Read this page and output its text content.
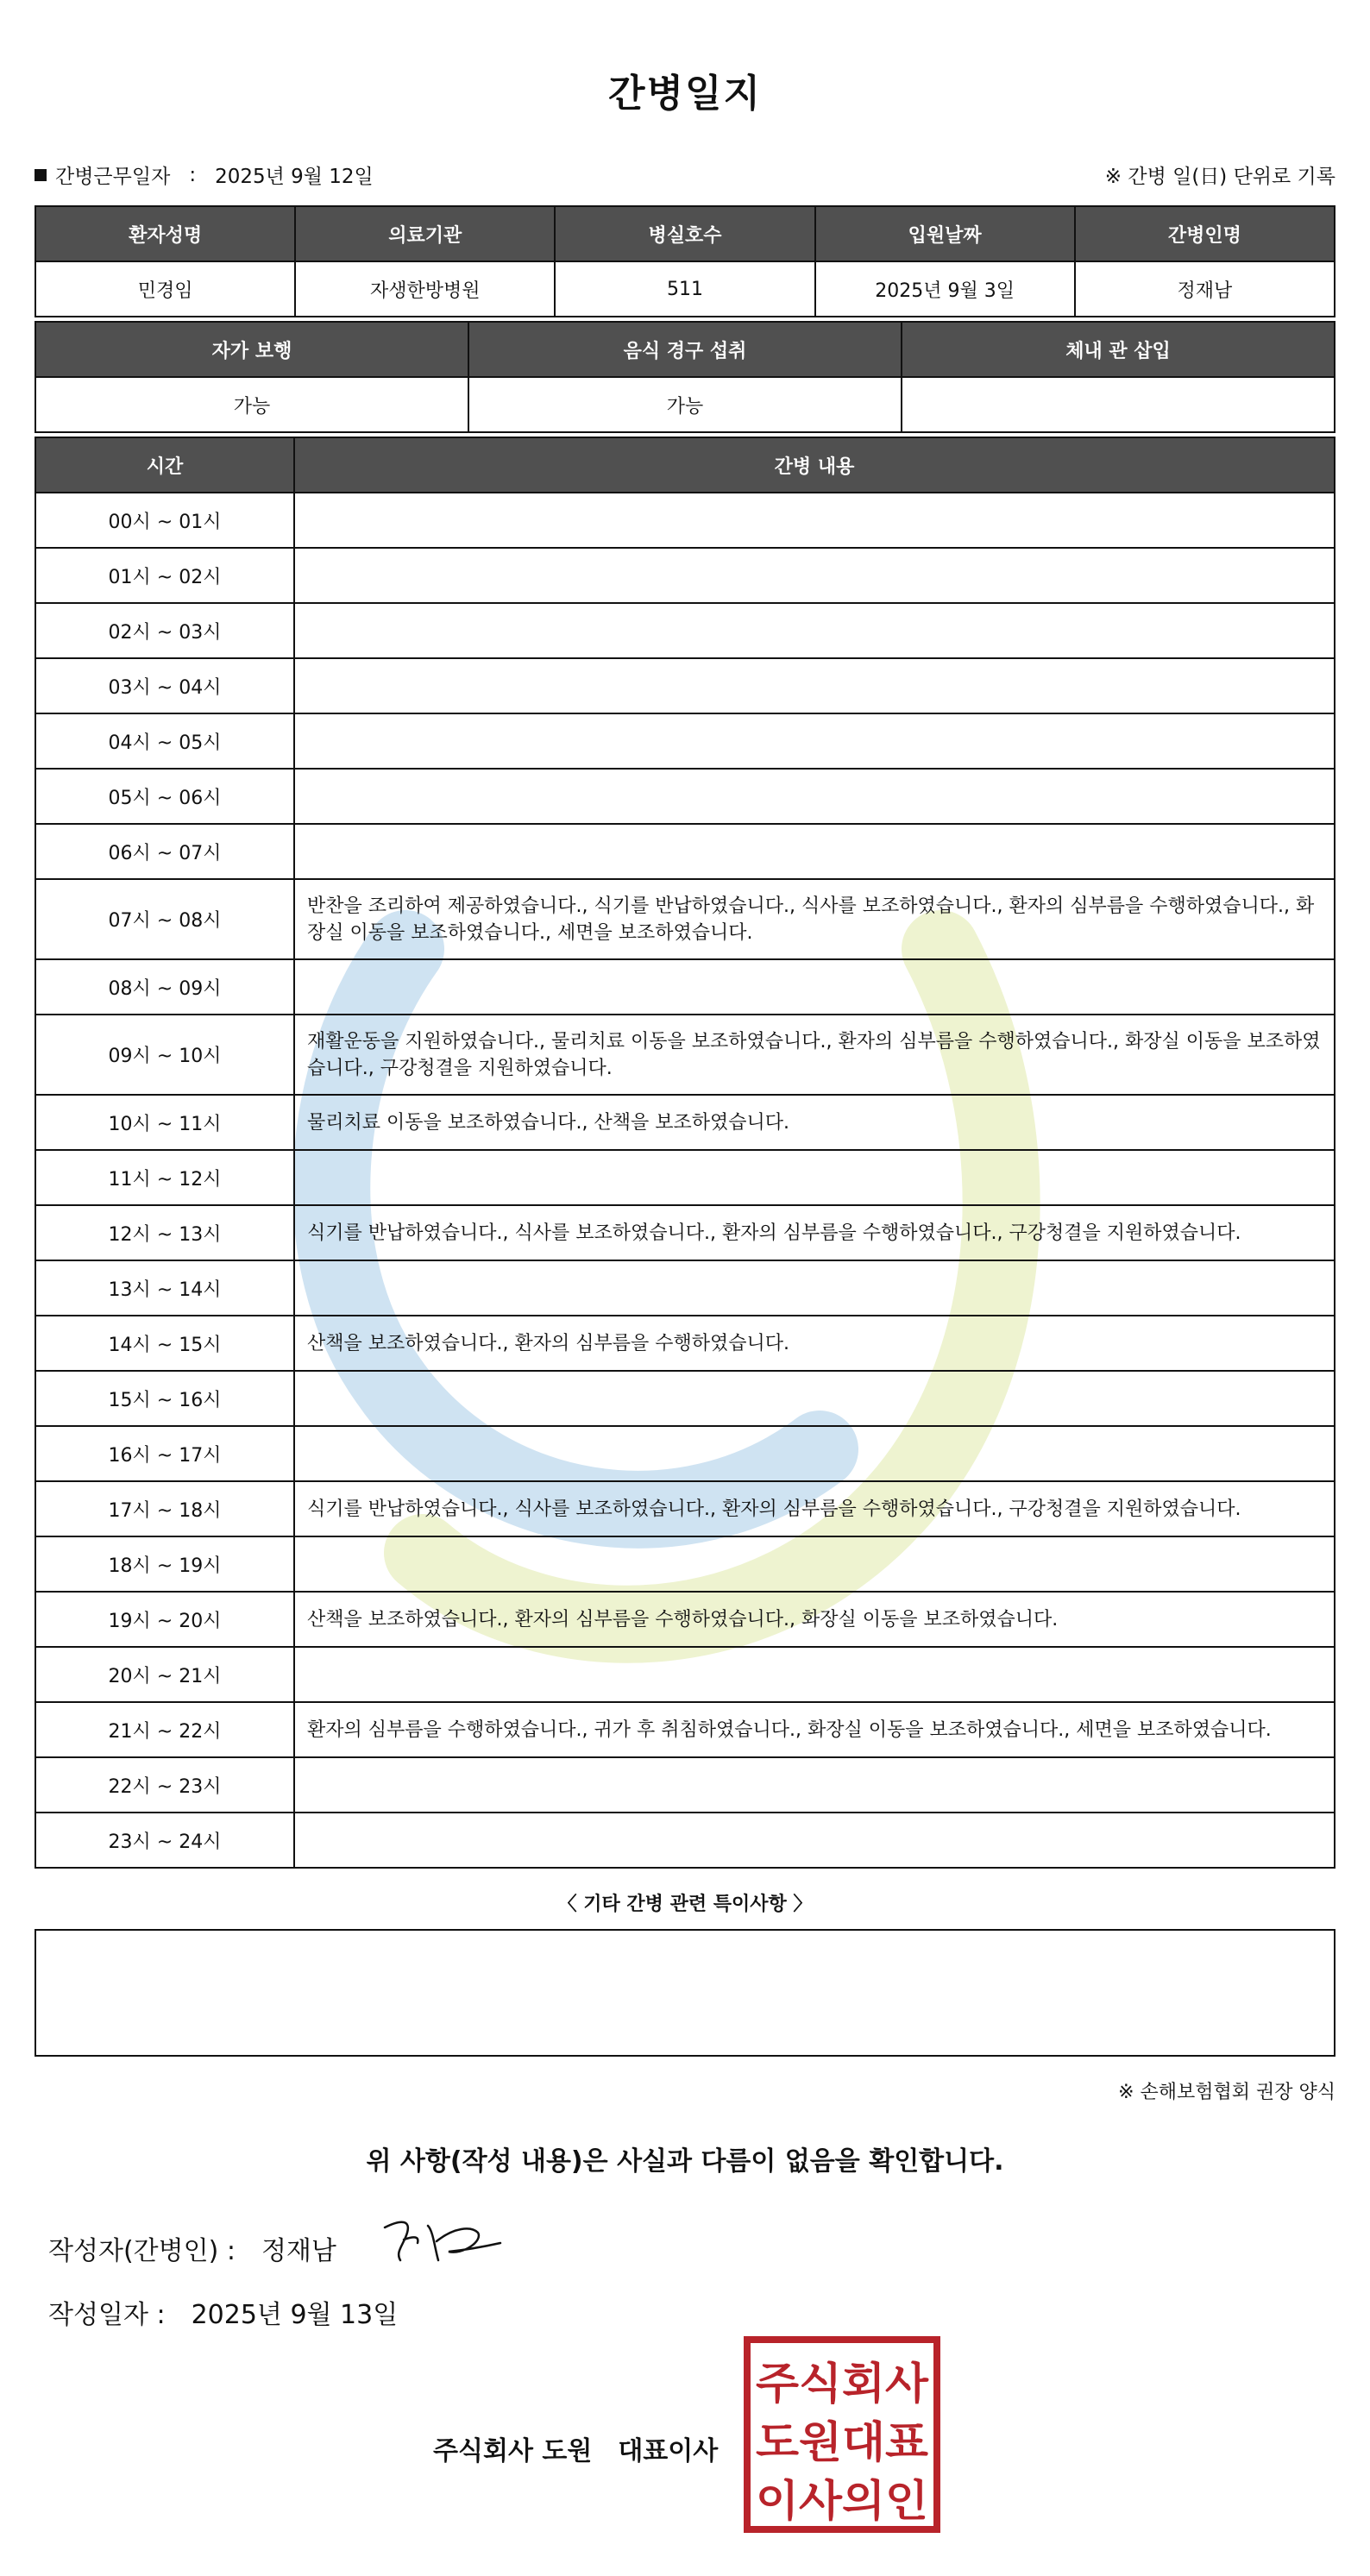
간병일지
간병근무일자 : 2025년 9월 12일	※ 간병 일(日) 단위로 기록
환자성명	의료기관	병실호수	입원날짜	간병인명
민경임	자생한방병원	511	2025년 9월 3일	정재남
자가 보행	음식 경구 섭취	체내 관 삽입
가능	가능	
시간	간병 내용
00시 ~ 01시	
01시 ~ 02시	
02시 ~ 03시	
03시 ~ 04시	
04시 ~ 05시	
05시 ~ 06시	
06시 ~ 07시	
07시 ~ 08시	반찬을 조리하여 제공하였습니다., 식기를 반납하였습니다., 식사를 보조하였습니다., 환자의 심부름을 수행하였습니다., 화장실 이동을 보조하였습니다., 세면을 보조하였습니다.
08시 ~ 09시	
09시 ~ 10시	재활운동을 지원하였습니다., 물리치료 이동을 보조하였습니다., 환자의 심부름을 수행하였습니다., 화장실 이동을 보조하였습니다., 구강청결을 지원하였습니다.
10시 ~ 11시	물리치료 이동을 보조하였습니다., 산책을 보조하였습니다.
11시 ~ 12시	
12시 ~ 13시	식기를 반납하였습니다., 식사를 보조하였습니다., 환자의 심부름을 수행하였습니다., 구강청결을 지원하였습니다.
13시 ~ 14시	
14시 ~ 15시	산책을 보조하였습니다., 환자의 심부름을 수행하였습니다.
15시 ~ 16시	
16시 ~ 17시	
17시 ~ 18시	식기를 반납하였습니다., 식사를 보조하였습니다., 환자의 심부름을 수행하였습니다., 구강청결을 지원하였습니다.
18시 ~ 19시	
19시 ~ 20시	산책을 보조하였습니다., 환자의 심부름을 수행하였습니다., 화장실 이동을 보조하였습니다.
20시 ~ 21시	
21시 ~ 22시	환자의 심부름을 수행하였습니다., 귀가 후 취침하였습니다., 화장실 이동을 보조하였습니다., 세면을 보조하였습니다.
22시 ~ 23시	
23시 ~ 24시	
〈 기타 간병 관련 특이사항 〉
※ 손해보험협회 권장 양식
위 사항(작성 내용)은 사실과 다름이 없음을 확인합니다.
작성자(간병인) : 정재남
작성일자 : 2025년 9월 13일
주식회사 도원 대표이사
주식회사
도원대표
이사의인
